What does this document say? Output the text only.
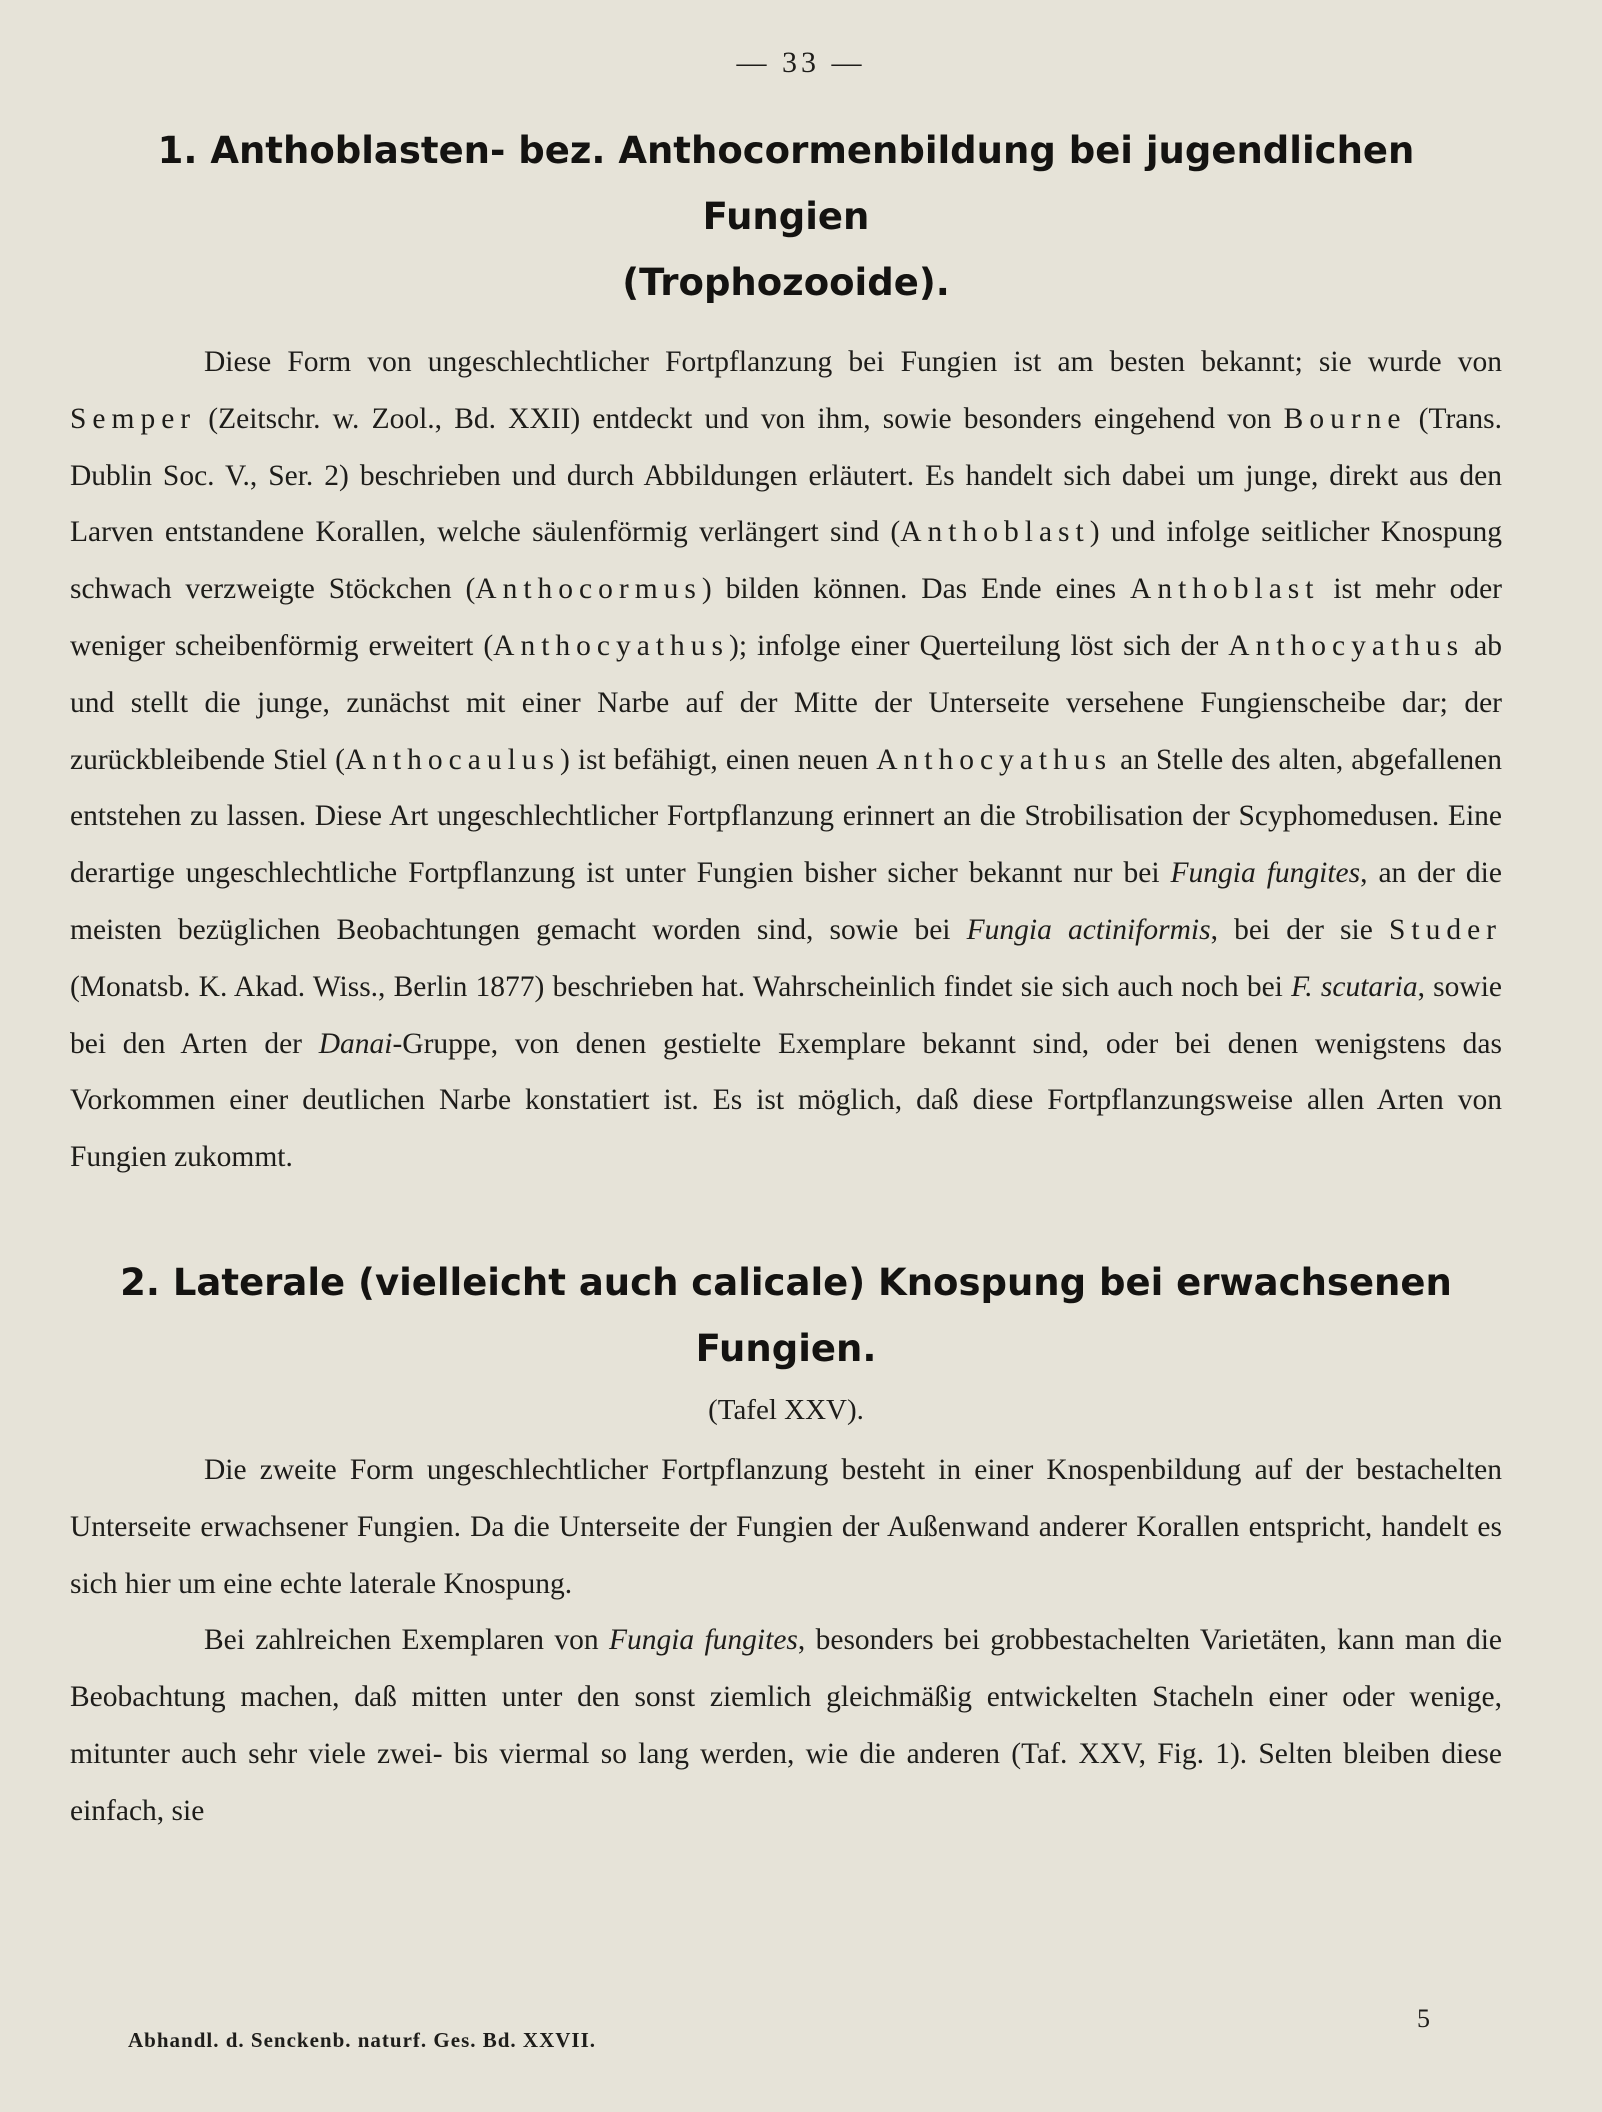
— 33 —
1. Anthoblasten- bez. Anthocormenbildung bei jugendlichen Fungien
(Trophozooide).

Diese Form von ungeschlechtlicher Fortpflanzung bei Fungien ist am besten bekannt; sie wurde von Semper (Zeitschr. w. Zool., Bd. XXII) entdeckt und von ihm, sowie besonders eingehend von Bourne (Trans. Dublin Soc. V., Ser. 2) beschrieben und durch Abbildungen erläutert. Es handelt sich dabei um junge, direkt aus den Larven entstandene Korallen, welche säulenförmig verlängert sind (Anthoblast) und infolge seitlicher Knospung schwach verzweigte Stöckchen (Anthocormus) bilden können. Das Ende eines Anthoblast ist mehr oder weniger scheibenförmig erweitert (Anthocyathus); infolge einer Querteilung löst sich der Anthocyathus ab und stellt die junge, zunächst mit einer Narbe auf der Mitte der Unterseite versehene Fungienscheibe dar; der zurückbleibende Stiel (Anthocaulus) ist befähigt, einen neuen Anthocyathus an Stelle des alten, abgefallenen entstehen zu lassen. Diese Art ungeschlechtlicher Fortpflanzung erinnert an die Strobilisation der Scyphomedusen. Eine derartige ungeschlechtliche Fortpflanzung ist unter Fungien bisher sicher bekannt nur bei Fungia fungites, an der die meisten bezüglichen Beobachtungen gemacht worden sind, sowie bei Fungia actiniformis, bei der sie Studer (Monatsb. K. Akad. Wiss., Berlin 1877) beschrieben hat. Wahrscheinlich findet sie sich auch noch bei F. scutaria, sowie bei den Arten der Danai-Gruppe, von denen gestielte Exemplare bekannt sind, oder bei denen wenigstens das Vorkommen einer deutlichen Narbe konstatiert ist. Es ist möglich, daß diese Fortpflanzungsweise allen Arten von Fungien zukommt.

2. Laterale (vielleicht auch calicale) Knospung bei erwachsenen
Fungien.
(Tafel XXV).

Die zweite Form ungeschlechtlicher Fortpflanzung besteht in einer Knospenbildung auf der bestachelten Unterseite erwachsener Fungien. Da die Unterseite der Fungien der Außenwand anderer Korallen entspricht, handelt es sich hier um eine echte laterale Knospung.

Bei zahlreichen Exemplaren von Fungia fungites, besonders bei grobbestachelten Varietäten, kann man die Beobachtung machen, daß mitten unter den sonst ziemlich gleichmäßig entwickelten Stacheln einer oder wenige, mitunter auch sehr viele zwei- bis viermal so lang werden, wie die anderen (Taf. XXV, Fig. 1). Selten bleiben diese einfach, sie

Abhandl. d. Senckenb. naturf. Ges. Bd. XXVII.
5
